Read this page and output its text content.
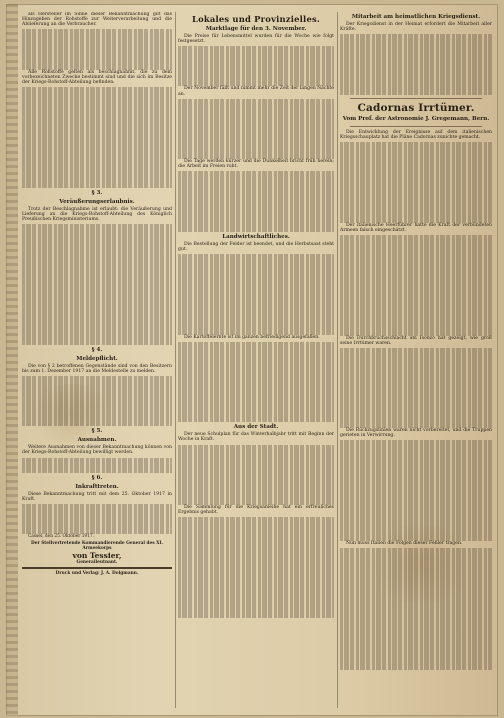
als Hersteller im Sinne dieser Bekanntmachung gilt das Hinzugeben der Rohstoffe zur Weiterverarbeitung und die Ablieferung an die Verbraucher.

Alle Rohstoffe gelten als beschlagnahmt, die zu dem vorbezeichneten Zwecke bestimmt sind und die sich im Besitze der Kriegs-Rohstoff-Abteilung befinden.

§ 3.
Veräußerungserlaubnis.

Trotz der Beschlagnahme ist erlaubt: die Veräußerung und Lieferung an die Kriegs-Rohstoff-Abteilung des Königlich Preußischen Kriegsministeriums.

§ 4.
Meldepflicht.

Die von § 2 betroffenen Gegenstände sind von den Besitzern bis zum 1. Dezember 1917 an die Meldestelle zu melden.

§ 5.
Ausnahmen.

Weitere Ausnahmen von dieser Bekanntmachung können von der Kriegs-Rohstoff-Abteilung bewilligt werden.

§ 6.
Inkrafttreten.

Diese Bekanntmachung tritt mit dem 25. Oktober 1917 in Kraft.

Cassel, den 25. Oktober 1917.

Der Stellvertretende Kommandierende General des XI. Armeekorps
von Tessier,
Generalleutnant.
Druck und Verlag: J. A. Dolgmann.
Lokales und Provinzielles.
Marktlage für den 3. November.

Die Preise für Lebensmittel wurden für die Woche wie folgt festgesetzt.

Der November fällt und nimmt mehr die Zeit der langen Nächte an.

Die Tage werden kürzer und die Dunkelheit bricht früh herein; die Arbeit im Freien ruht.

Landwirtschaftliches.

Die Bestellung der Felder ist beendet, und die Herbstsaat steht gut.

Die Kartoffelernte ist im ganzen befriedigend ausgefallen.

Aus der Stadt.

Der neue Schulplan für das Winterhalbjahr tritt mit Beginn der Woche in Kraft.

Die Sammlung für die Kriegsanleihe hat ein erfreuliches Ergebnis gehabt.

Mitarbeit am heimatlichen Kriegsdienst.

Der Kriegsdienst in der Heimat erfordert die Mitarbeit aller Kräfte.

Cadornas Irrtümer.
Vom Prof. der Astronomie J. Gregemann, Bern.

Die Entwicklung der Ereignisse auf dem italienischen Kriegsschauplatz hat die Pläne Cadornas zunichte gemacht.

Der italienische Heerführer hatte die Kraft der verbündeten Armeen falsch eingeschätzt.

Die Durchbruchsschlacht am Isonzo hat gezeigt, wie groß seine Irrtümer waren.

Die Rückzugslinien waren nicht vorbereitet, und die Truppen gerieten in Verwirrung.

Nun muss Italien die Folgen dieser Fehler tragen.
